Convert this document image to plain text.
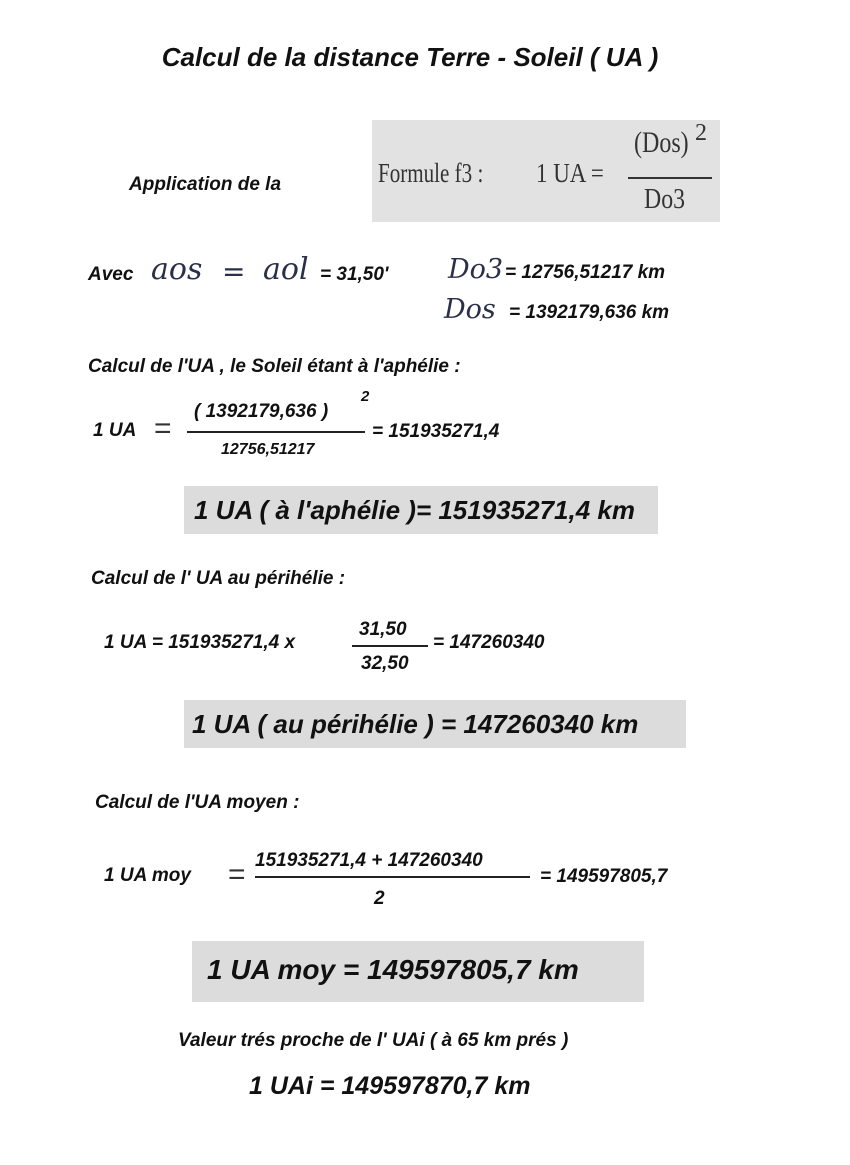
Calcul de la distance Terre - Soleil ( UA )
Application de la	Formule f3 : 1 UA =
(Dos) 2
Do3
Avec aos = aol = 31,50' Do3 = 12756,51217 km
Dos = 1392179,636 km
Calcul de l'UA , le Soleil étant à l'aphélie :
1 UA =
( 1392179,636 )
2
12756,51217
= 151935271,4
1 UA ( à l'aphélie )= 151935271,4 km
Calcul de l' UA au périhélie :
1 UA = 151935271,4 x
31,50
32,50
= 147260340
1 UA ( au périhélie ) = 147260340 km
Calcul de l'UA moyen :
1 UA moy = 151935271,4 + 147260340
2
= 149597805,7
1 UA moy = 149597805,7 km
Valeur trés proche de l' UAi ( à 65 km prés )
1 UAi = 149597870,7 km
